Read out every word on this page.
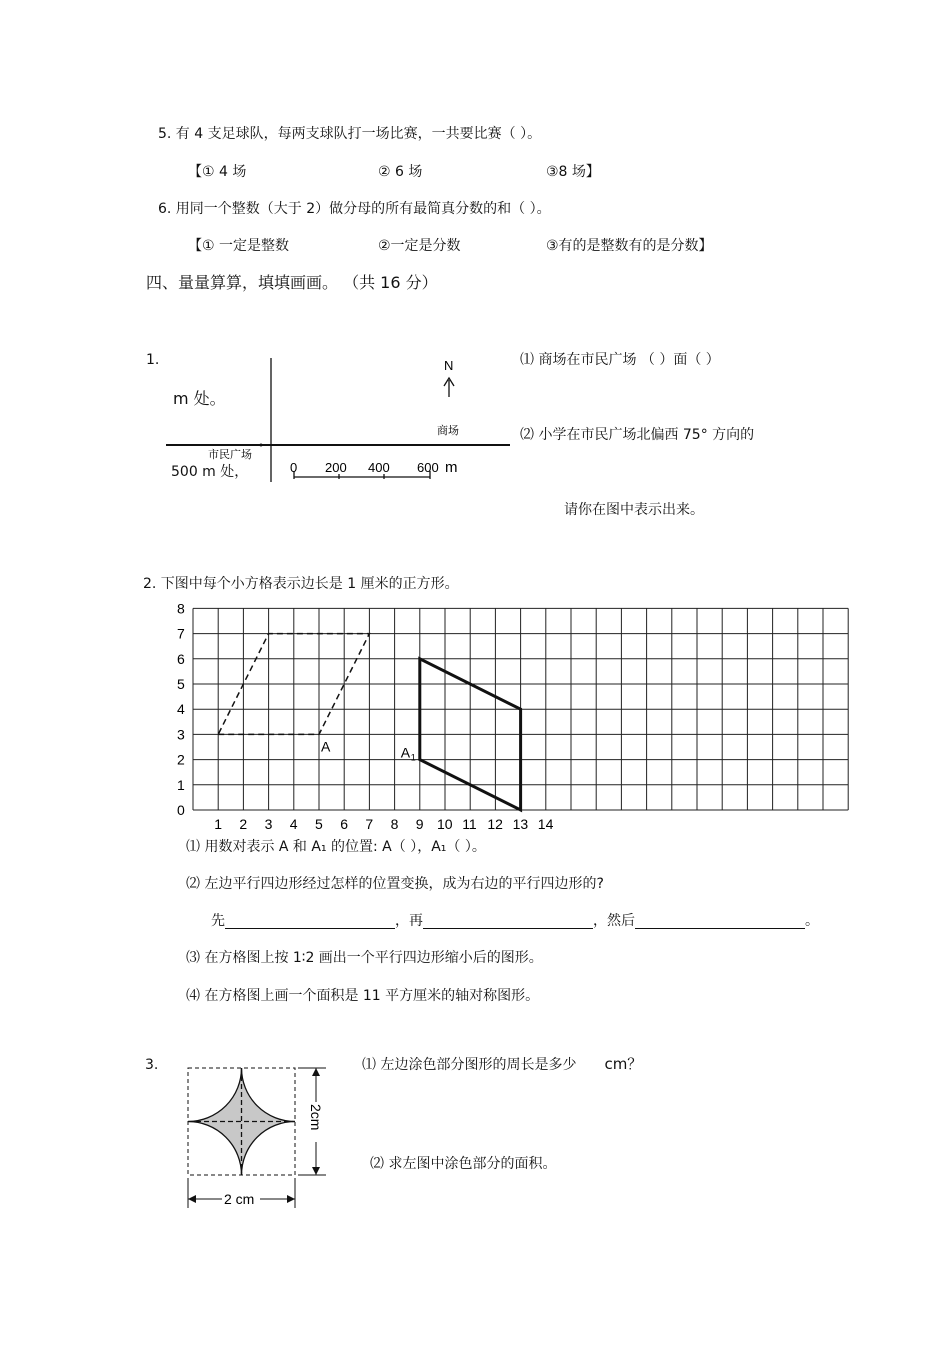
5. 有 4 支足球队，每两支球队打一场比赛，一共要比赛（ ）。
【① 4 场	② 6 场	③8 场】
6. 用同一个整数（大于 2）做分母的所有最简真分数的和（ ）。
【① 一定是整数	②一定是分数	③有的是整数有的是分数】
四、量量算算，填填画画。 （共 16 分）
1.
m 处。
500 m 处，
N
商场
市民广场
0 200 400 600 m
⑴ 商场在市民广场 （ ）面（ ）
⑵ 小学在市民广场北偏西 75° 方向的
请你在图中表示出来。
2. 下图中每个小方格表示边长是 1 厘米的正方形。
0
1
2
3
4
5
6
7
8
1 2 3 4 5 6 7 8 9 10 11 12 13 14
A	A 1
⑴ 用数对表示 A 和 A₁ 的位置: A（ ），A₁（ ）。
⑵ 左边平行四边形经过怎样的位置变换，成为右边的平行四边形的?
先	，再	，然后	。
⑶ 在方格图上按 1∶2 画出一个平行四边形缩小后的图形。
⑷ 在方格图上画一个面积是 11 平方厘米的轴对称图形。
3.
2 cm
2cm
⑴ 左边涂色部分图形的周长是多少 cm？
⑵ 求左图中涂色部分的面积。
